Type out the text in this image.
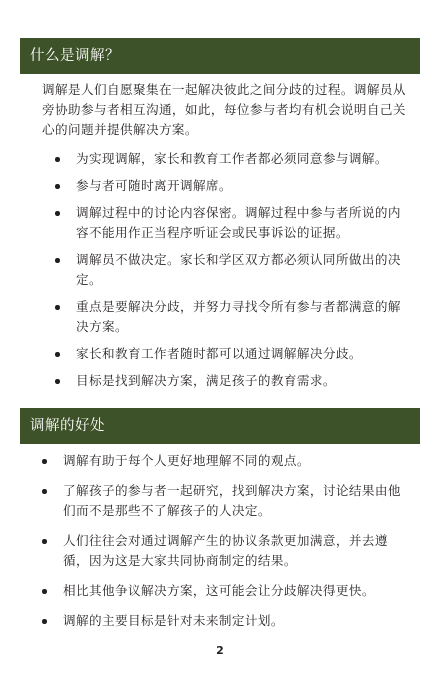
什么是调解？

调解是人们自愿聚集在一起解决彼此之间分歧的过程。调解员从旁协助参与者相互沟通，如此，每位参与者均有机会说明自己关心的问题并提供解决方案。

为实现调解，家长和教育工作者都必须同意参与调解。
参与者可随时离开调解席。
调解过程中的讨论内容保密。调解过程中参与者所说的内容不能用作正当程序听证会或民事诉讼的证据。
调解员不做决定。家长和学区双方都必须认同所做出的决定。
重点是要解决分歧，并努力寻找令所有参与者都满意的解决方案。
家长和教育工作者随时都可以通过调解解决分歧。
目标是找到解决方案，满足孩子的教育需求。
调解的好处
调解有助于每个人更好地理解不同的观点。
了解孩子的参与者一起研究，找到解决方案，讨论结果由他们而不是那些不了解孩子的人决定。
人们往往会对通过调解产生的协议条款更加满意，并去遵循，因为这是大家共同协商制定的结果。
相比其他争议解决方案，这可能会让分歧解决得更快。
调解的主要目标是针对未来制定计划。
2
